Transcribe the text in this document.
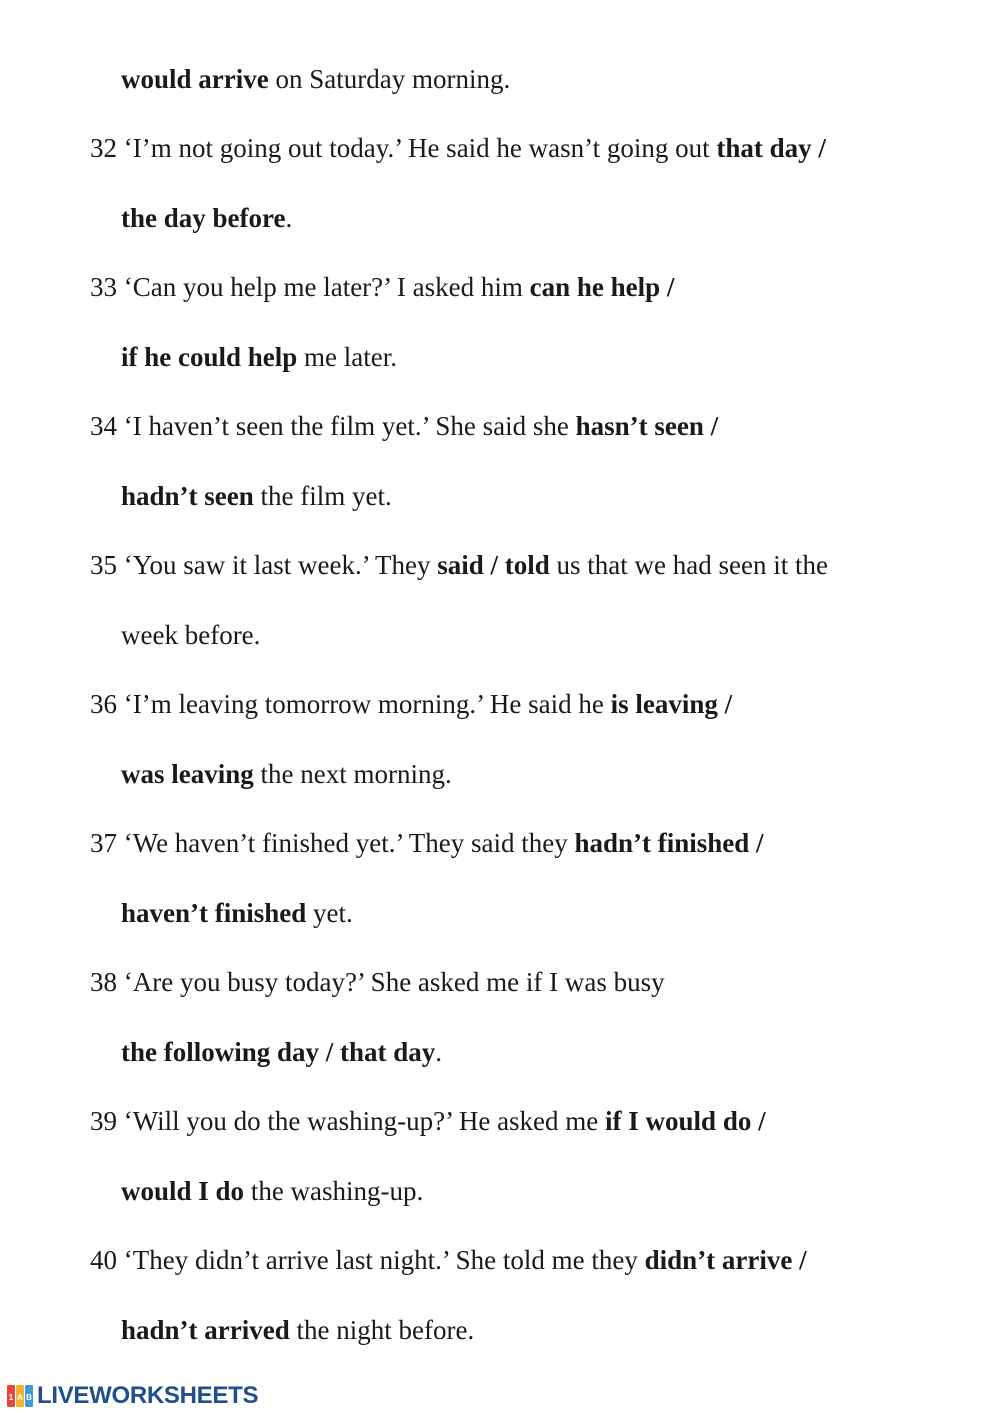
would arrive on Saturday morning.
32 ‘I’m not going out today.’ He said he wasn’t going out that day /
the day before.
33 ‘Can you help me later?’ I asked him can he help /
if he could help me later.
34 ‘I haven’t seen the film yet.’ She said she hasn’t seen /
hadn’t seen the film yet.
35 ‘You saw it last week.’ They said / told us that we had seen it the
week before.
36 ‘I’m leaving tomorrow morning.’ He said he is leaving /
was leaving the next morning.
37 ‘We haven’t finished yet.’ They said they hadn’t finished /
haven’t finished yet.
38 ‘Are you busy today?’ She asked me if I was busy
the following day / that day.
39 ‘Will you do the washing-up?’ He asked me if I would do /
would I do the washing-up.
40 ‘They didn’t arrive last night.’ She told me they didn’t arrive /
hadn’t arrived the night before.
1 A B LIVEWORKSHEETS
